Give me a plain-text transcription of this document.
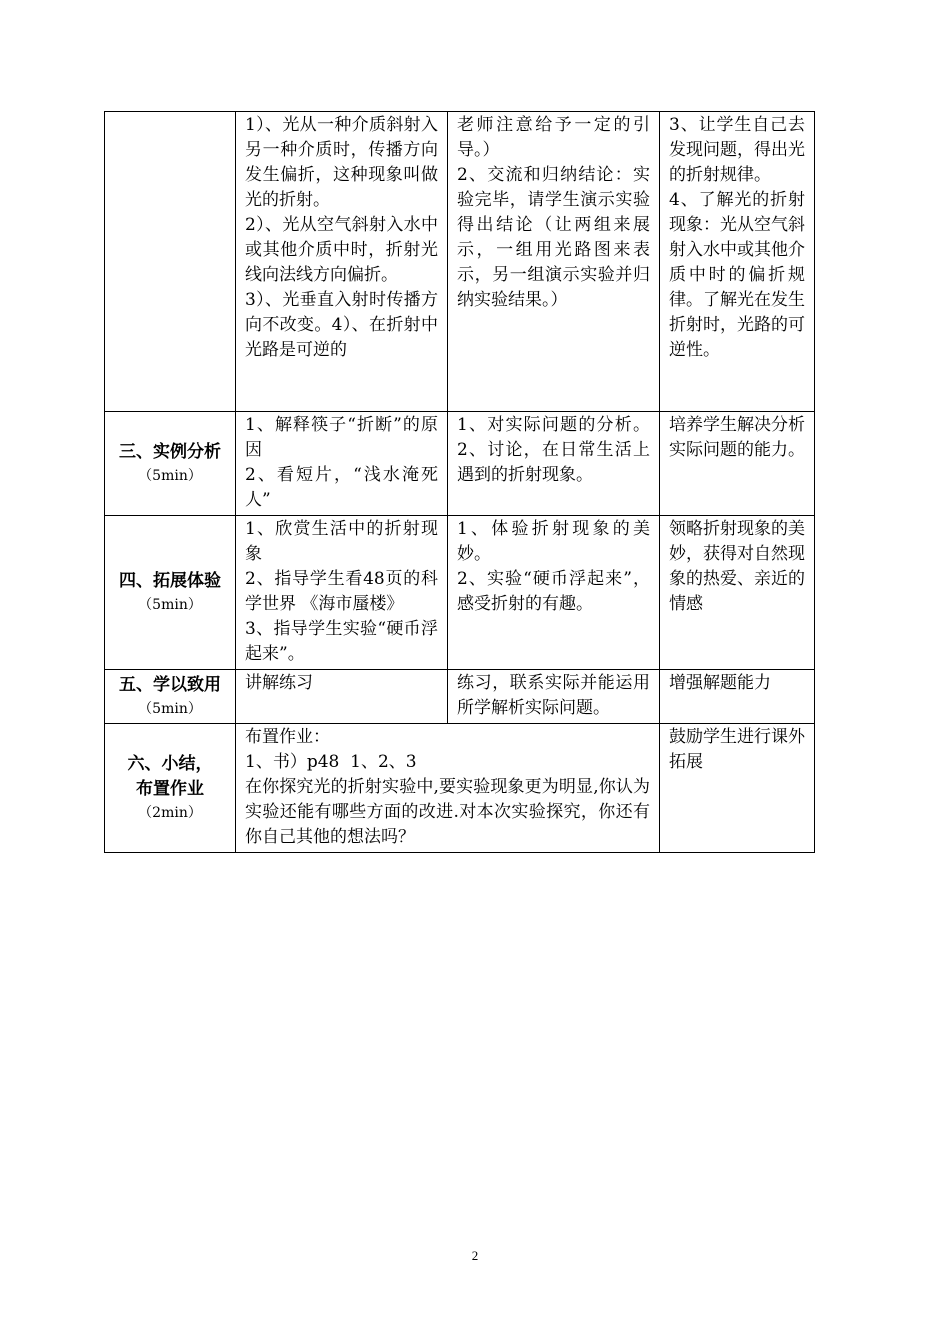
	1）、光从一种介质斜射入另一种介质时，传播方向发生偏折，这种现象叫做光的折射。
2）、光从空气斜射入水中或其他介质中时，折射光线向法线方向偏折。
3）、光垂直入射时传播方向不改变。4）、在折射中光路是可逆的	老师注意给予一定的引导。）
2、交流和归纳结论：实验完毕，请学生演示实验得出结论（让两组来展示，一组用光路图来表示，另一组演示实验并归纳实验结果。）	3、让学生自己去发现问题，得出光的折射规律。
4、了解光的折射现象：光从空气斜射入水中或其他介质中时的偏折规律。了解光在发生折射时，光路的可逆性。

三、实例分析
（5min）	1、解释筷子“折断”的原因
2、看短片，“浅水淹死人”	1、对实际问题的分析。2、讨论，在日常生活上遇到的折射现象。	培养学生解决分析实际问题的能力。

四、拓展体验
（5min）	1、欣赏生活中的折射现象
2、指导学生看48页的科学世界 《海市蜃楼》
3、指导学生实验“硬币浮起来”。	1、体验折射现象的美妙。
2、实验“硬币浮起来”，感受折射的有趣。	领略折射现象的美妙，获得对自然现象的热爱、亲近的情感

五、学以致用
（5min）	讲解练习	练习，联系实际并能运用所学解析实际问题。	增强解题能力

六、小结，
布置作业
（2min）	布置作业：
1、书）p48  1、2、3
在你探究光的折射实验中,要实验现象更为明显,你认为实验还能有哪些方面的改进.对本次实验探究，你还有你自己其他的想法吗？		鼓励学生进行课外拓展
2
